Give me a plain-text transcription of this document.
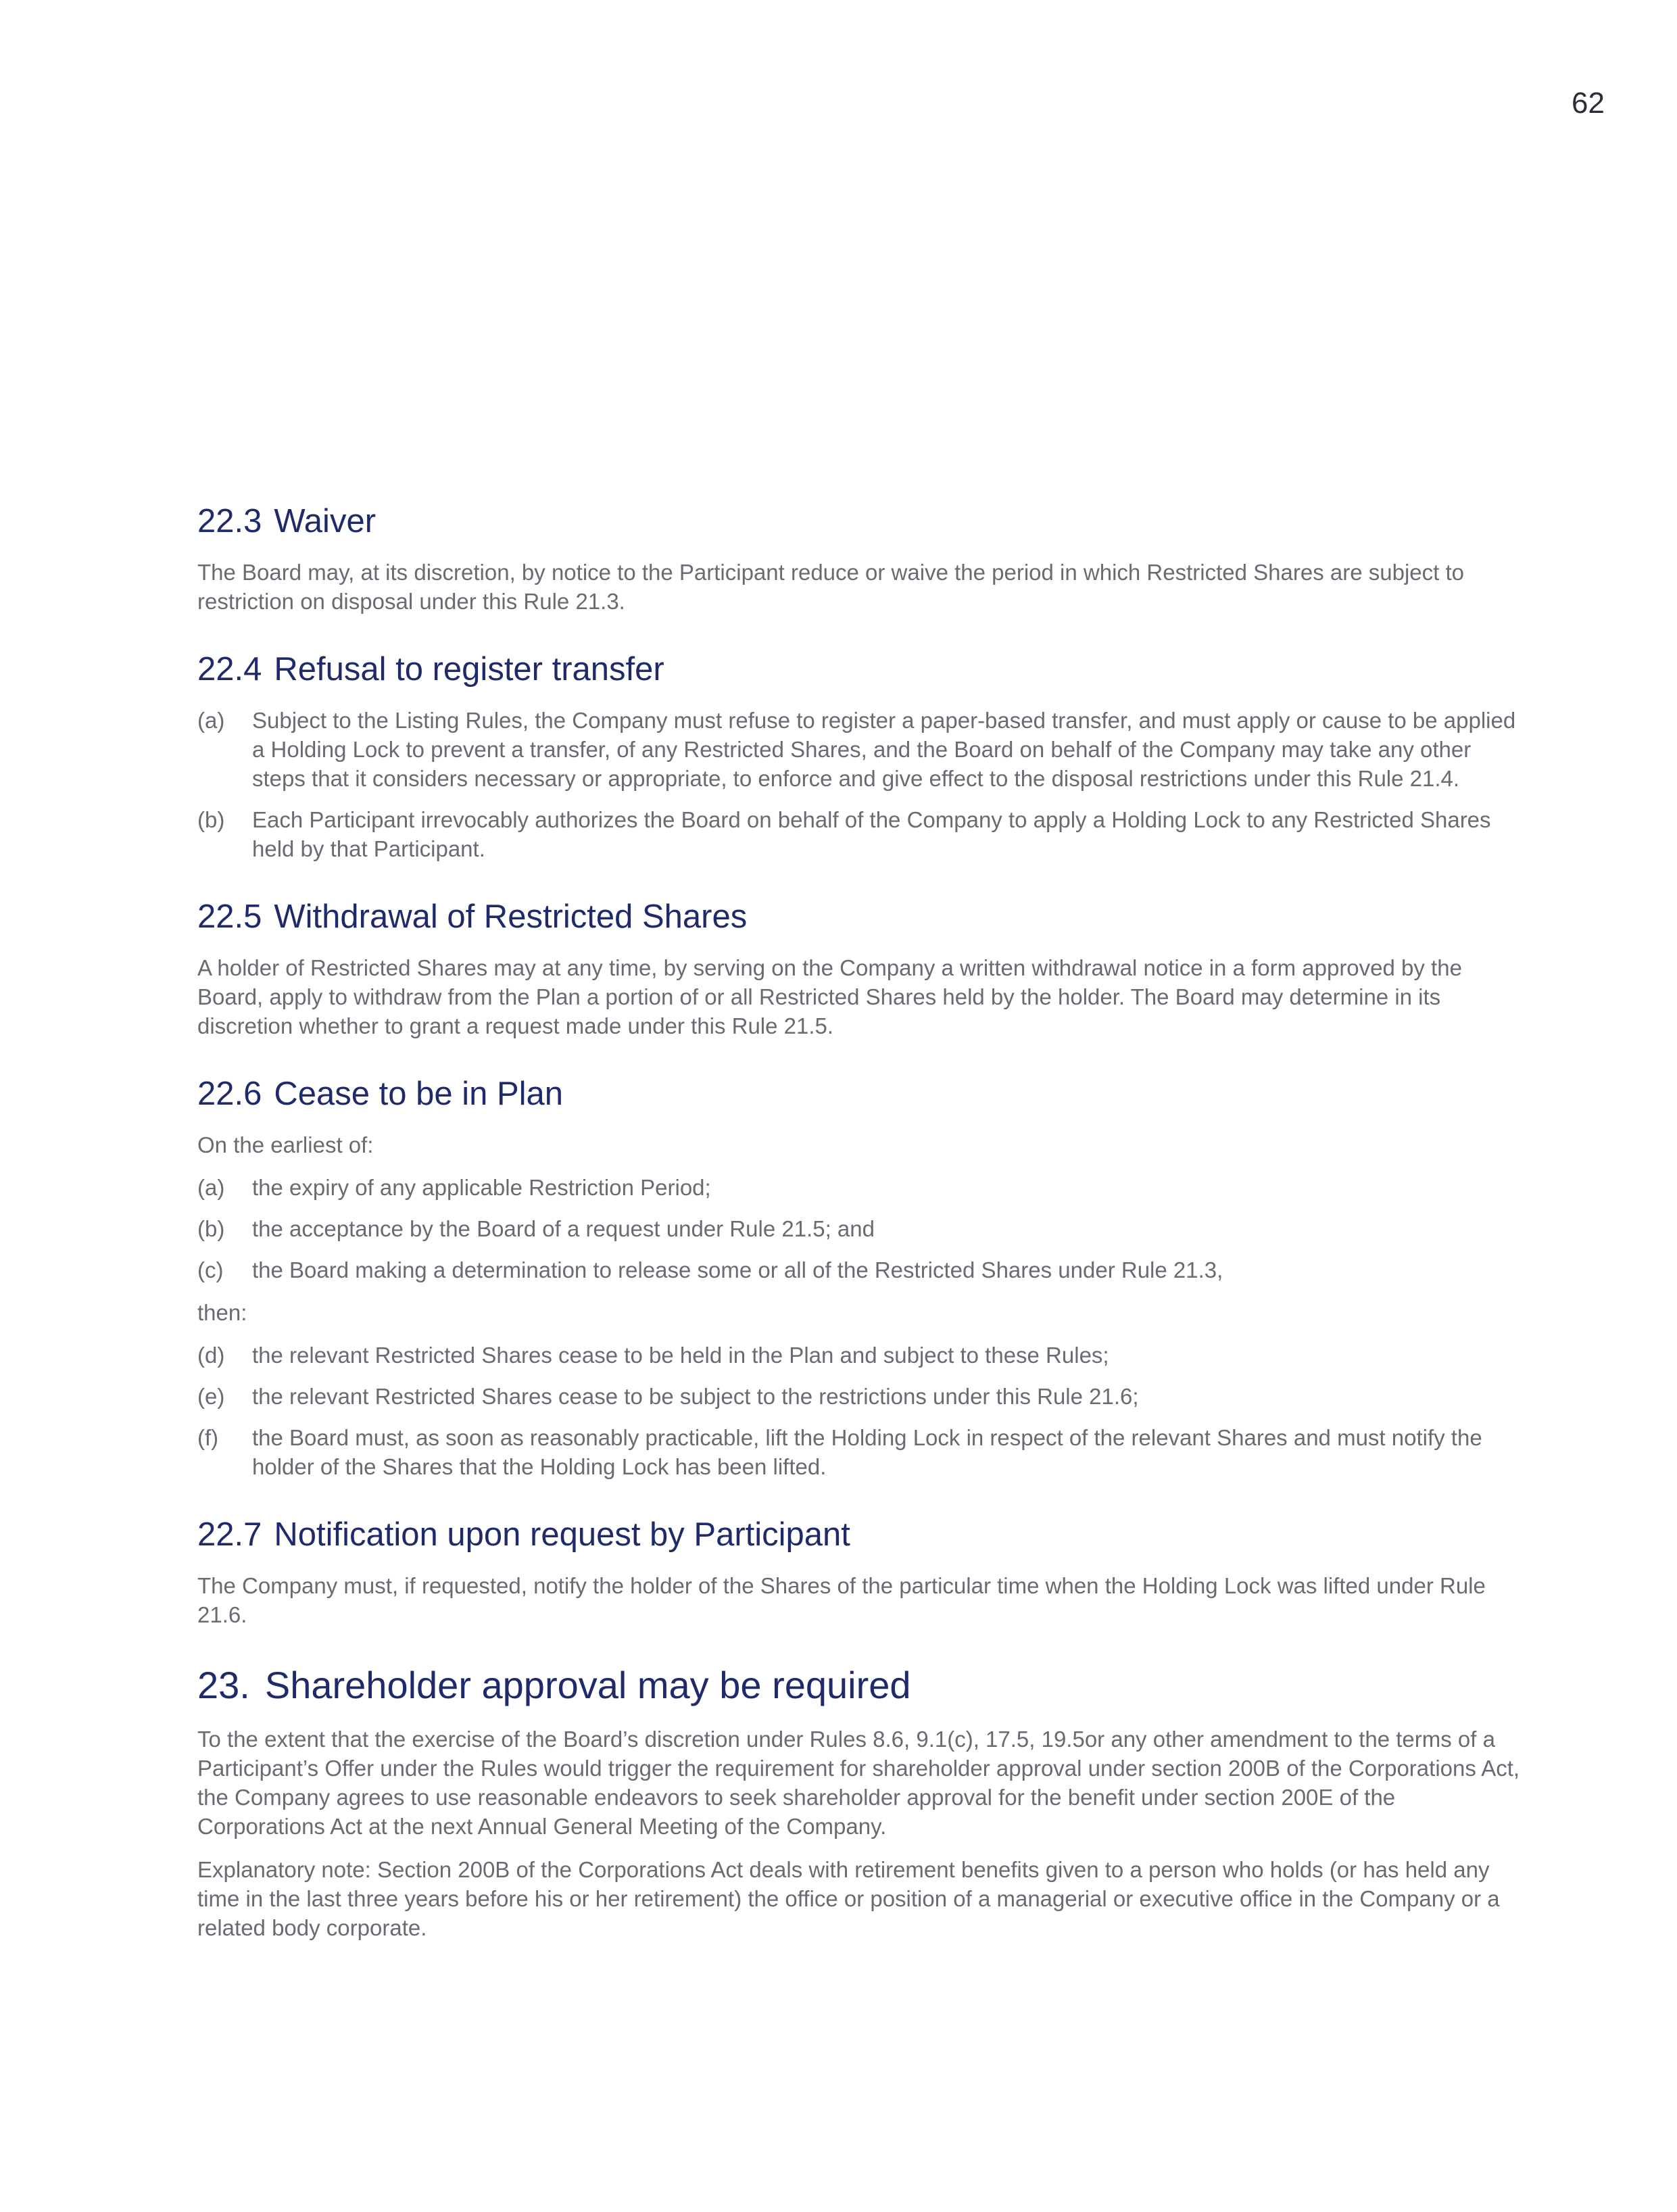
62
22.3 Waiver

The Board may, at its discretion, by notice to the Participant reduce or waive the period in which Restricted Shares are subject to restriction on disposal under this Rule 21.3.

22.4 Refusal to register transfer
(a)	Subject to the Listing Rules, the Company must refuse to register a paper-based transfer, and must apply or cause to be applied a Holding Lock to prevent a transfer, of any Restricted Shares, and the Board on behalf of the Company may take any other steps that it considers necessary or appropriate, to enforce and give effect to the disposal restrictions under this Rule 21.4.
(b)	Each Participant irrevocably authorizes the Board on behalf of the Company to apply a Holding Lock to any Restricted Shares held by that Participant.
22.5 Withdrawal of Restricted Shares

A holder of Restricted Shares may at any time, by serving on the Company a written withdrawal notice in a form approved by the Board, apply to withdraw from the Plan a portion of or all Restricted Shares held by the holder. The Board may determine in its discretion whether to grant a request made under this Rule 21.5.

22.6 Cease to be in Plan

On the earliest of:

(a)	the expiry of any applicable Restriction Period;
(b)	the acceptance by the Board of a request under Rule 21.5; and
(c)	the Board making a determination to release some or all of the Restricted Shares under Rule 21.3,

then:

(d)	the relevant Restricted Shares cease to be held in the Plan and subject to these Rules;
(e)	the relevant Restricted Shares cease to be subject to the restrictions under this Rule 21.6;
(f)	the Board must, as soon as reasonably practicable, lift the Holding Lock in respect of the relevant Shares and must notify the holder of the Shares that the Holding Lock has been lifted.
22.7 Notification upon request by Participant

The Company must, if requested, notify the holder of the Shares of the particular time when the Holding Lock was lifted under Rule 21.6.

23. Shareholder approval may be required

To the extent that the exercise of the Board’s discretion under Rules 8.6, 9.1(c), 17.5, 19.5or any other amendment to the terms of a Participant’s Offer under the Rules would trigger the requirement for shareholder approval under section 200B of the Corporations Act, the Company agrees to use reasonable endeavors to seek shareholder approval for the benefit under section 200E of the Corporations Act at the next Annual General Meeting of the Company.

Explanatory note: Section 200B of the Corporations Act deals with retirement benefits given to a person who holds (or has held any time in the last three years before his or her retirement) the office or position of a managerial or executive office in the Company or a related body corporate.
